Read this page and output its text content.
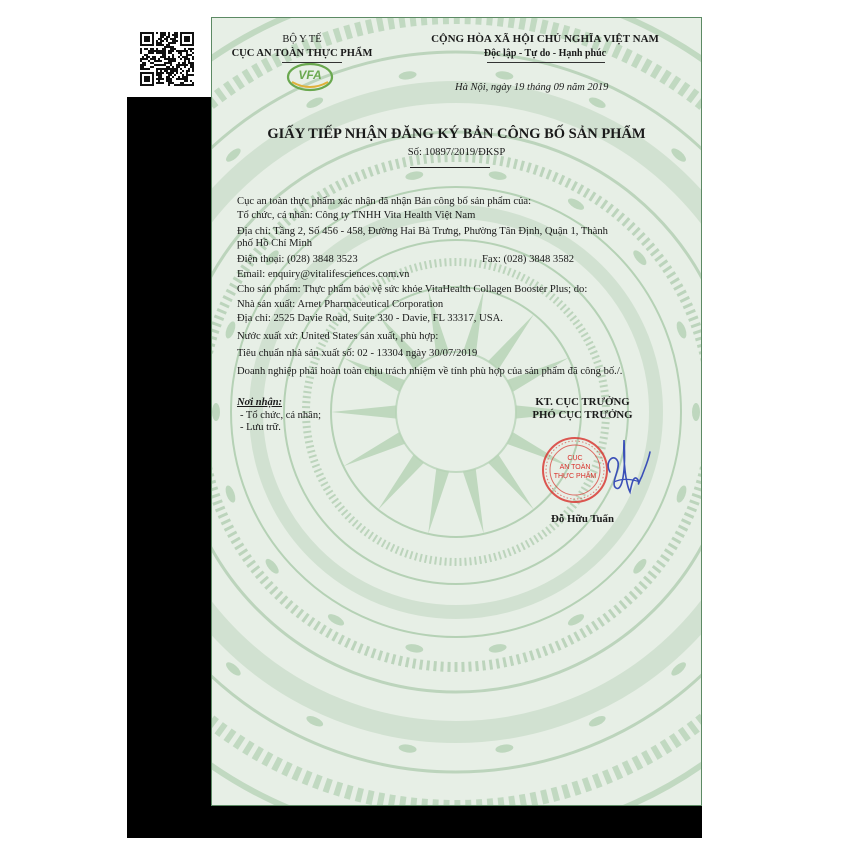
BỘ Y TẾ
CỤC AN TOÀN THỰC PHẨM
VFA
CỘNG HÒA XÃ HỘI CHỦ NGHĨA VIỆT NAM
Độc lập - Tự do - Hạnh phúc
Hà Nội, ngày 19 tháng 09 năm 2019
GIẤY TIẾP NHẬN ĐĂNG KÝ BẢN CÔNG BỐ SẢN PHẨM
Số: 10897/2019/ĐKSP
Cục an toàn thực phẩm xác nhận đã nhận Bản công bố sản phẩm của:
Tổ chức, cá nhân: Công ty TNHH Vita Health Việt Nam
Địa chỉ: Tầng 2, Số 456 - 458, Đường Hai Bà Trưng, Phường Tân Định, Quận 1, Thành
phố Hồ Chí Minh
Điện thoại: (028) 3848 3523	Fax: (028) 3848 3582
Email: enquiry@vitalifesciences.com.vn
Cho sản phẩm: Thực phẩm bảo vệ sức khỏe VitaHealth Collagen Booster Plus; do:
Nhà sản xuất: Arnet Pharmaceutical Corporation
Địa chỉ: 2525 Davie Road, Suite 330 - Davie, FL 33317, USA.
Nước xuất xứ: United States sản xuất, phù hợp:
Tiêu chuẩn nhà sản xuất số: 02 - 13304 ngày 30/07/2019
Doanh nghiệp phải hoàn toàn chịu trách nhiệm về tính phù hợp của sản phẩm đã công bố./.
Nơi nhận:
- Tổ chức, cá nhân;
- Lưu trữ.
KT. CỤC TRƯỞNG
PHÓ CỤC TRƯỞNG
CỤC
AN TOÀN
THỰC PHẨM
Đỗ Hữu Tuấn
